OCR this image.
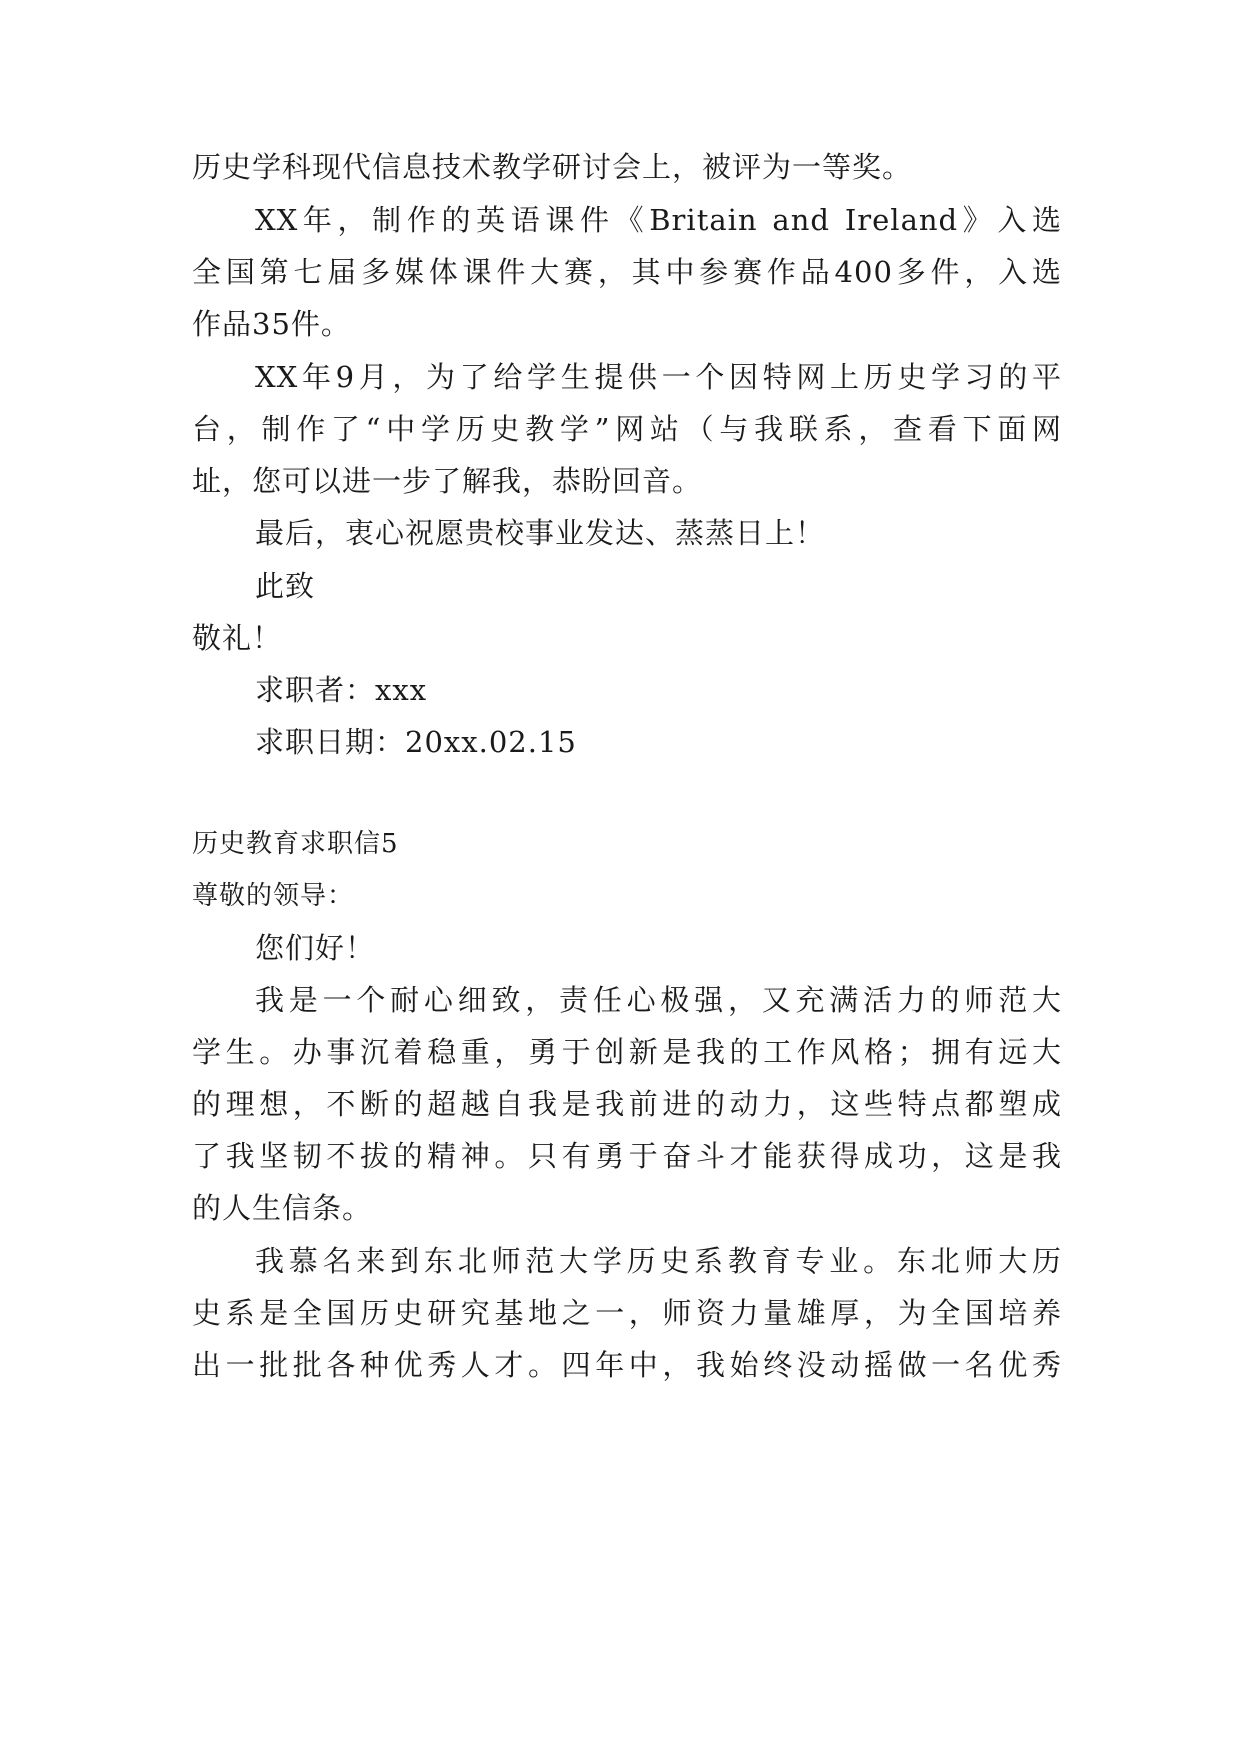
历史学科现代信息技术教学研讨会上，被评为一等奖。

XX年，制作的英语课件《Britain and Ireland》入选

全国第七届多媒体课件大赛，其中参赛作品400多件，入选

作品35件。

XX年9月，为了给学生提供一个因特网上历史学习的平

台，制作了“中学历史教学”网站（与我联系，查看下面网

址，您可以进一步了解我，恭盼回音。

最后，衷心祝愿贵校事业发达、蒸蒸日上！

此致

敬礼！

求职者：xxx

求职日期：20xx.02.15

历史教育求职信5

尊敬的领导：

您们好！

我是一个耐心细致，责任心极强，又充满活力的师范大

学生。办事沉着稳重，勇于创新是我的工作风格；拥有远大

的理想，不断的超越自我是我前进的动力，这些特点都塑成

了我坚韧不拔的精神。只有勇于奋斗才能获得成功，这是我

的人生信条。

我慕名来到东北师范大学历史系教育专业。东北师大历

史系是全国历史研究基地之一，师资力量雄厚，为全国培养

出一批批各种优秀人才。四年中，我始终没动摇做一名优秀
